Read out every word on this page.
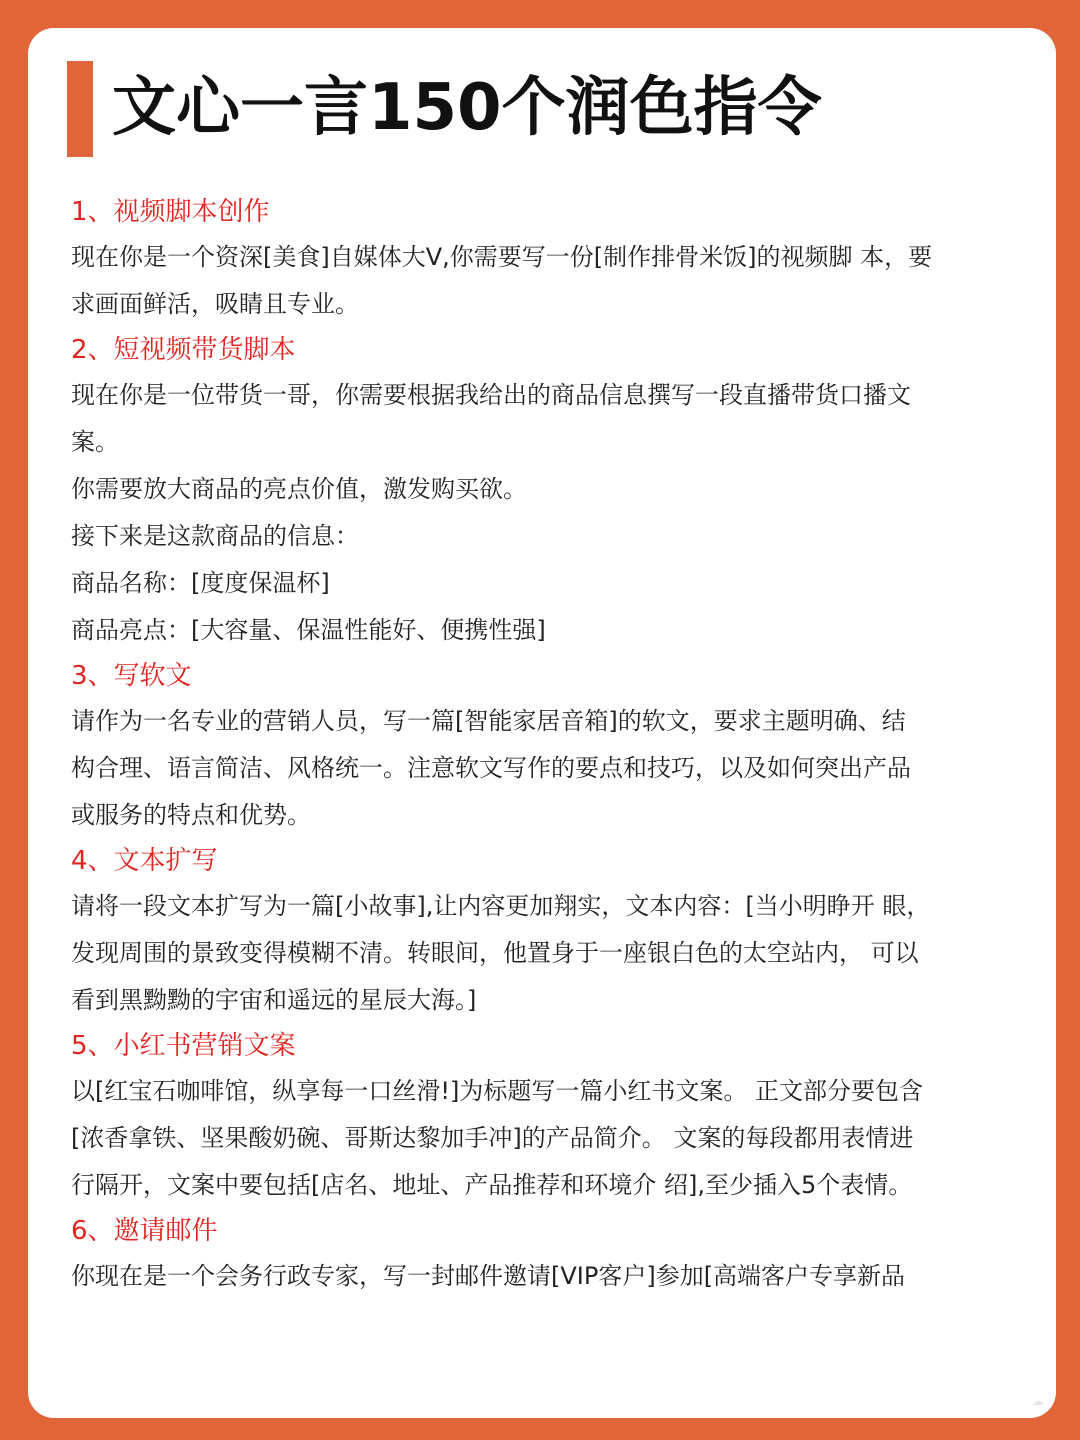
文心一言150个润色指令
1、视频脚本创作
现在你是一个资深[美食]自媒体大V,你需要写一份[制作排骨米饭]的视频脚 本，要
求画面鲜活，吸睛且专业。
2、短视频带货脚本
现在你是一位带货一哥，你需要根据我给出的商品信息撰写一段直播带货口播文
案。
你需要放大商品的亮点价值，激发购买欲。
接下来是这款商品的信息：
商品名称：[度度保温杯]
商品亮点：[大容量、保温性能好、便携性强]
3、写软文
请作为一名专业的营销人员，写一篇[智能家居音箱]的软文，要求主题明确、结
构合理、语言简洁、风格统一。注意软文写作的要点和技巧，以及如何突出产品
或服务的特点和优势。
4、文本扩写
请将一段文本扩写为一篇[小故事],让内容更加翔实，文本内容：[当小明睁开 眼，
发现周围的景致变得模糊不清。转眼间，他置身于一座银白色的太空站内， 可以
看到黑黝黝的宇宙和遥远的星辰大海。]
5、小红书营销文案
以[红宝石咖啡馆，纵享每一口丝滑!]为标题写一篇小红书文案。 正文部分要包含
[浓香拿铁、坚果酸奶碗、哥斯达黎加手冲]的产品简介。 文案的每段都用表情进
行隔开，文案中要包括[店名、地址、产品推荐和环境介 绍],至少插入5个表情。
6、邀请邮件
你现在是一个会务行政专家，写一封邮件邀请[VIP客户]参加[高端客户专享新品
☁
